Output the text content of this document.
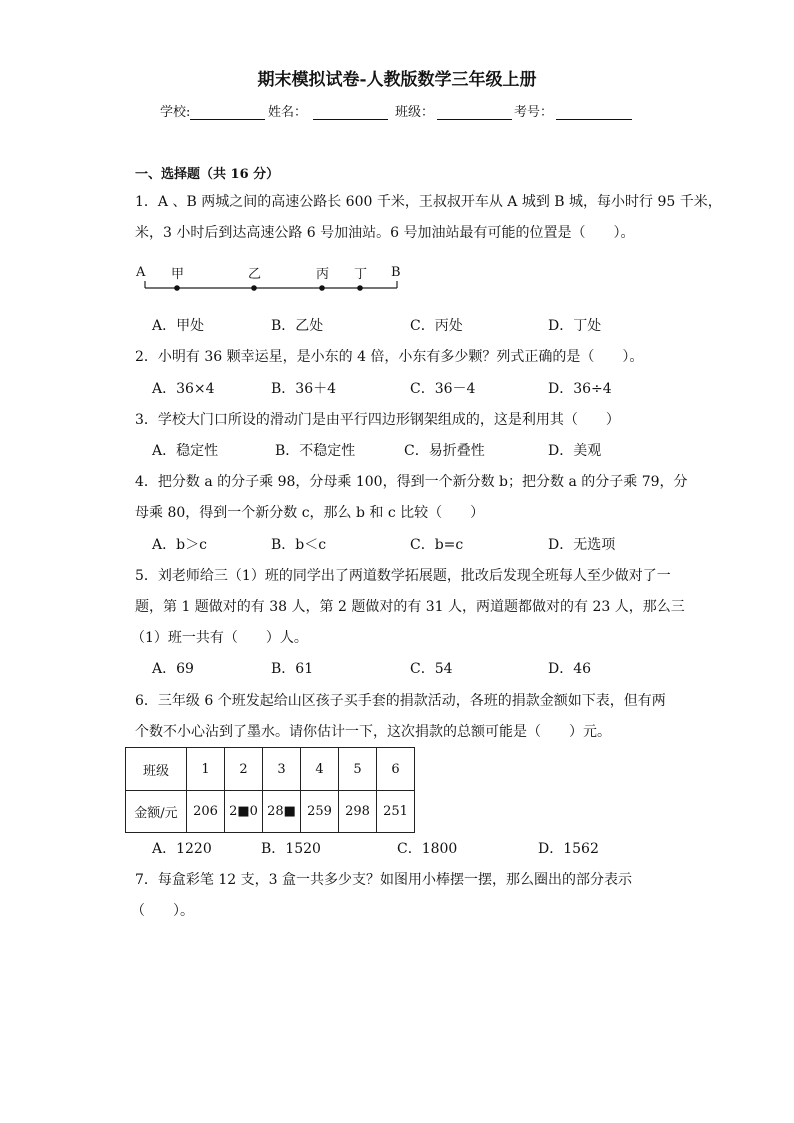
期末模拟试卷-人教版数学三年级上册
学校:	姓名：	班级：	考号：
一、选择题（共 16 分）
1．A 、B 两城之间的高速公路长 600 千米，王叔叔开车从 A 城到 B 城，每小时行 95 千米，
米，3 小时后到达高速公路 6 号加油站。6 号加油站最有可能的位置是（　　）。
A 甲	乙	丙 丁 B
A．甲处	B．乙处	C．丙处	D．丁处
2．小明有 36 颗幸运星，是小东的 4 倍，小东有多少颗？列式正确的是（　　）。
A．36×4	B．36＋4	C．36－4	D．36÷4
3．学校大门口所设的滑动门是由平行四边形钢架组成的，这是利用其（　　）
A．稳定性	B．不稳定性	C．易折叠性	D．美观
4．把分数 a 的分子乘 98，分母乘 100，得到一个新分数 b；把分数 a 的分子乘 79，分
母乘 80，得到一个新分数 c，那么 b 和 c 比较（　　）
A．b＞c	B．b＜c	C．b=c	D．无选项
5．刘老师给三（1）班的同学出了两道数学拓展题，批改后发现全班每人至少做对了一
题，第 1 题做对的有 38 人，第 2 题做对的有 31 人，两道题都做对的有 23 人，那么三
（1）班一共有（　　）人。
A．69	B．61	C．54	D．46
6．三年级 6 个班发起给山区孩子买手套的捐款活动，各班的捐款金额如下表，但有两
个数不小心沾到了墨水。请你估计一下，这次捐款的总额可能是（　　）元。
班级	1	2	3	4	5	6
金额/元	206	2■0	28■	259	298	251
A．1220	B．1520	C．1800	D．1562
7．每盒彩笔 12 支，3 盒一共多少支？如图用小棒摆一摆，那么圈出的部分表示
（　　）。
